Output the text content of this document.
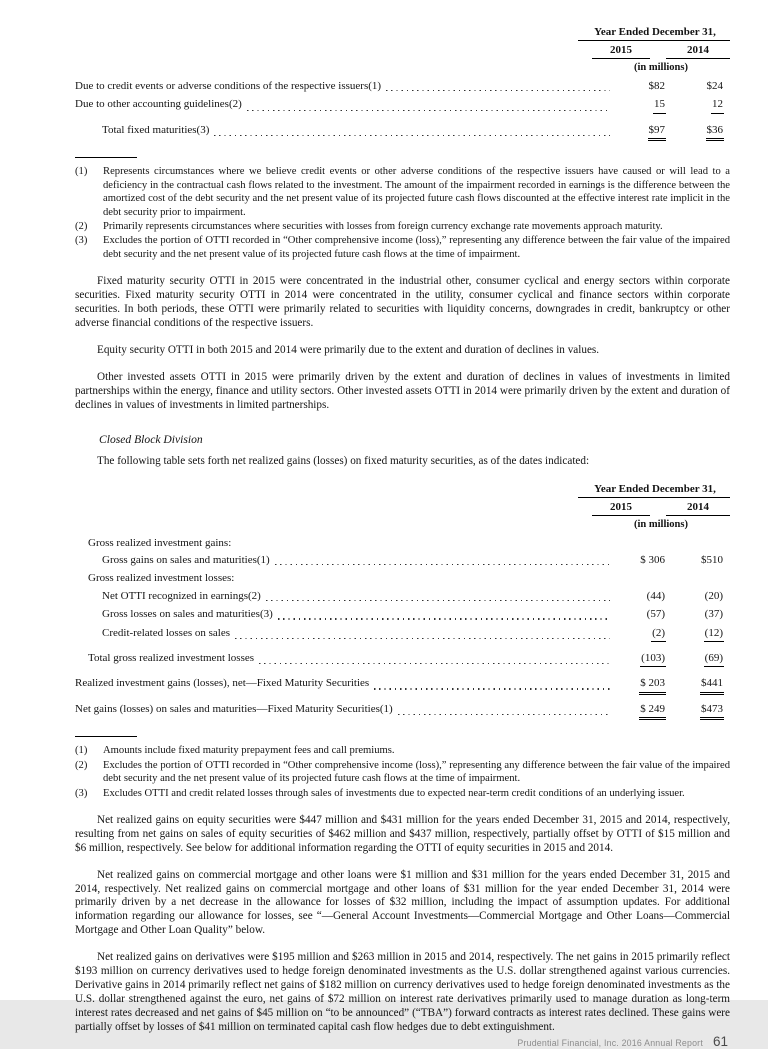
Year Ended December 31,
2015	2014
(in millions)
Due to credit events or adverse conditions of the respective issuers(1)	$82	$24
Due to other accounting guidelines(2)	15	12
Total fixed maturities(3)	$97	$36
(1)	Represents circumstances where we believe credit events or other adverse conditions of the respective issuers have caused or will lead to a deficiency in the contractual cash flows related to the investment. The amount of the impairment recorded in earnings is the difference between the amortized cost of the debt security and the net present value of its projected future cash flows discounted at the effective interest rate implicit in the debt security prior to impairment.
(2)	Primarily represents circumstances where securities with losses from foreign currency exchange rate movements approach maturity.
(3)	Excludes the portion of OTTI recorded in “Other comprehensive income (loss),” representing any difference between the fair value of the impaired debt security and the net present value of its projected future cash flows at the time of impairment.

Fixed maturity security OTTI in 2015 were concentrated in the industrial other, consumer cyclical and energy sectors within corporate securities. Fixed maturity security OTTI in 2014 were concentrated in the utility, consumer cyclical and finance sectors within corporate securities. In both periods, these OTTI were primarily related to securities with liquidity concerns, downgrades in credit, bankruptcy or other adverse financial conditions of the respective issuers.

Equity security OTTI in both 2015 and 2014 were primarily due to the extent and duration of declines in values.

Other invested assets OTTI in 2015 were primarily driven by the extent and duration of declines in values of investments in limited partnerships within the energy, finance and utility sectors. Other invested assets OTTI in 2014 were primarily driven by the extent and duration of declines in values of investments in limited partnerships.

Closed Block Division
The following table sets forth net realized gains (losses) on fixed maturity securities, as of the dates indicated:
Year Ended December 31,
2015	2014
(in millions)
Gross realized investment gains:
Gross gains on sales and maturities(1)	$ 306	$510
Gross realized investment losses:
Net OTTI recognized in earnings(2)	(44)	(20)
Gross losses on sales and maturities(3)	(57)	(37)
Credit-related losses on sales	(2)	(12)
Total gross realized investment losses	(103)	(69)
Realized investment gains (losses), net—Fixed Maturity Securities	$ 203	$441
Net gains (losses) on sales and maturities—Fixed Maturity Securities(1)	$ 249	$473
(1)	Amounts include fixed maturity prepayment fees and call premiums.
(2)	Excludes the portion of OTTI recorded in “Other comprehensive income (loss),” representing any difference between the fair value of the impaired debt security and the net present value of its projected future cash flows at the time of impairment.
(3)	Excludes OTTI and credit related losses through sales of investments due to expected near-term credit conditions of an underlying issuer.

Net realized gains on equity securities were $447 million and $431 million for the years ended December 31, 2015 and 2014, respectively, resulting from net gains on sales of equity securities of $462 million and $437 million, respectively, partially offset by OTTI of $15 million and $6 million, respectively. See below for additional information regarding the OTTI of equity securities in 2015 and 2014.

Net realized gains on commercial mortgage and other loans were $1 million and $31 million for the years ended December 31, 2015 and 2014, respectively. Net realized gains on commercial mortgage and other loans of $31 million for the year ended December 31, 2014 were primarily driven by a net decrease in the allowance for losses of $32 million, including the impact of assumption updates. For additional information regarding our allowance for losses, see “—General Account Investments—Commercial Mortgage and Other Loans—Commercial Mortgage and Other Loan Quality” below.

Net realized gains on derivatives were $195 million and $263 million in 2015 and 2014, respectively. The net gains in 2015 primarily reflect $193 million on currency derivatives used to hedge foreign denominated investments as the U.S. dollar strengthened against various currencies. Derivative gains in 2014 primarily reflect net gains of $182 million on currency derivatives used to hedge foreign denominated investments as the U.S. dollar strengthened against the euro, net gains of $72 million on interest rate derivatives primarily used to manage duration as long-term interest rates decreased and net gains of $45 million on “to be announced” (“TBA”) forward contracts as interest rates declined. These gains were partially offset by losses of $41 million on terminated capital cash flow hedges due to debt extinguishment.

Prudential Financial, Inc. 2016 Annual Report 61
